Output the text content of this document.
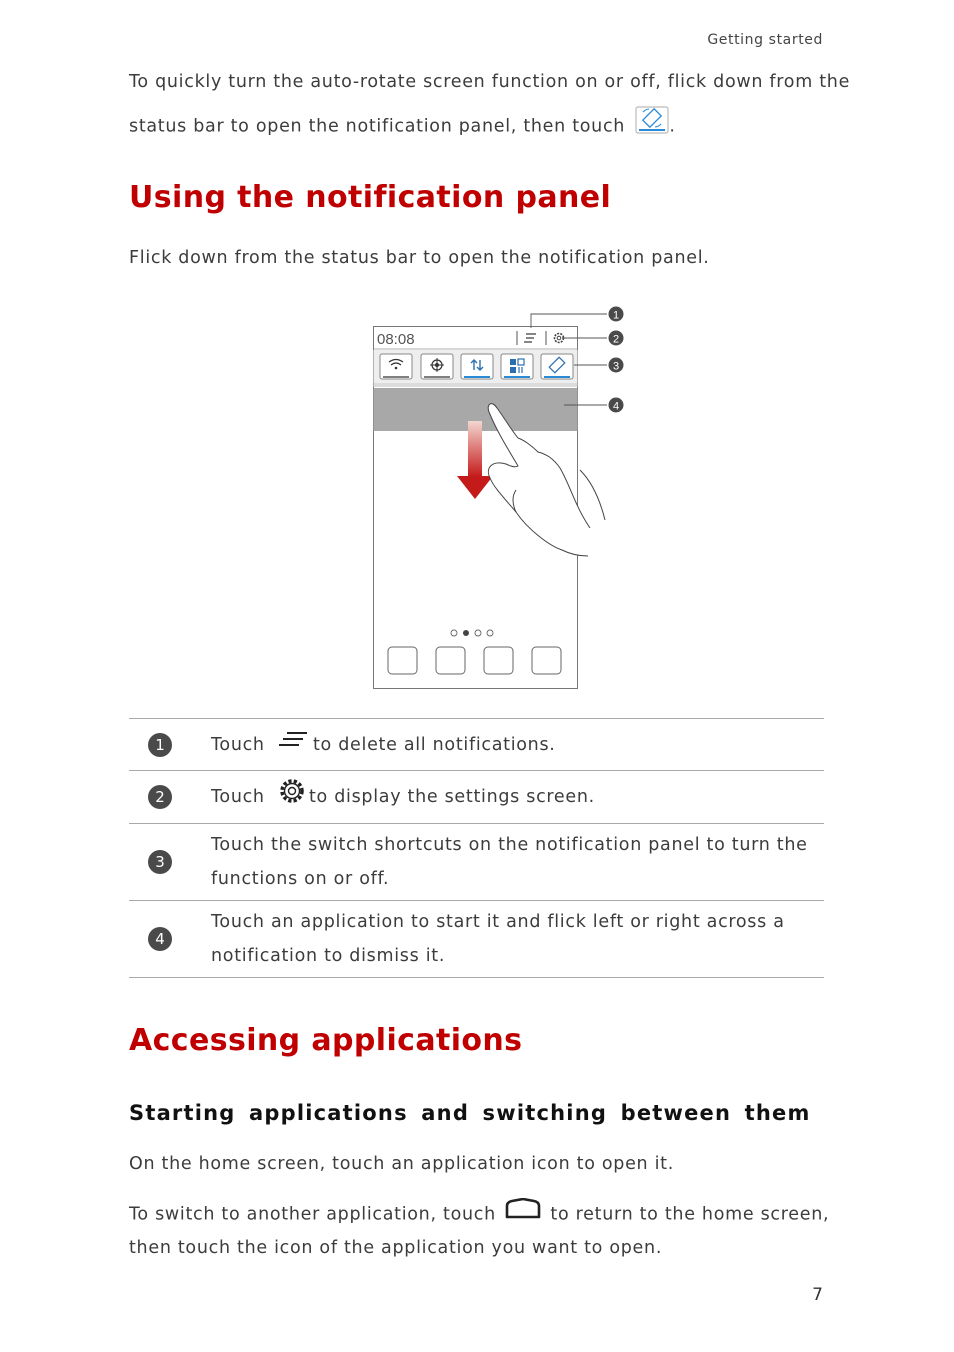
Getting started
To quickly turn the auto-rotate screen function on or off, flick down from the
status bar to open the notification panel, then touch	.
Using the notification panel
Flick down from the status bar to open the notification panel.
08:08
1
2
3
4
1	Touch to delete all notifications.

2	Touch to display the settings screen.

3	Touch the switch shortcuts on the notification panel to turn the
functions on or off.

4	Touch an application to start it and flick left or right across a
notification to dismiss it.
Accessing applications
Starting applications and switching between them
On the home screen, touch an application icon to open it.
To switch to another application, touch	to return to the home screen,
then touch the icon of the application you want to open.
7
